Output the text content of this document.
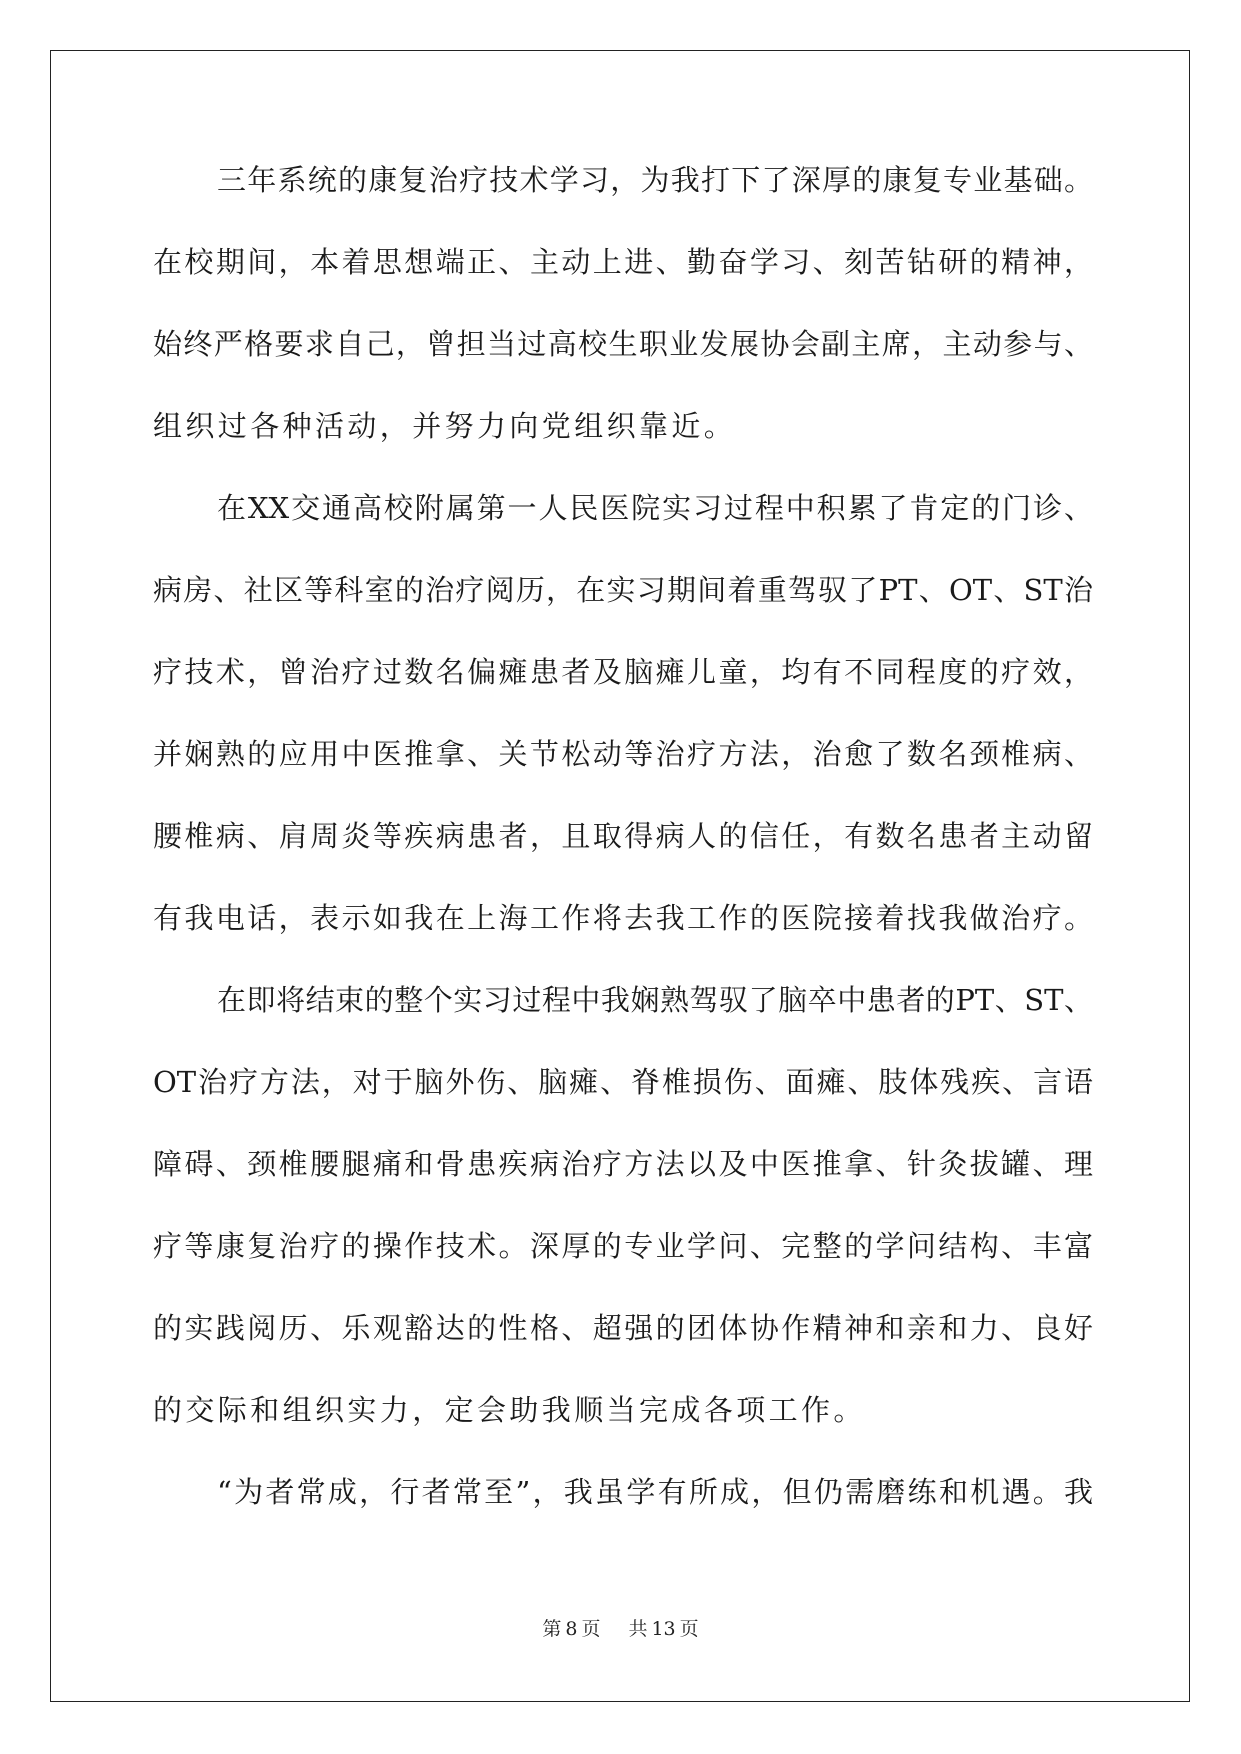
三年系统的康复治疗技术学习，为我打下了深厚的康复专业基础。
在校期间，本着思想端正、主动上进、勤奋学习、刻苦钻研的精神，
始终严格要求自己，曾担当过高校生职业发展协会副主席，主动参与、
组织过各种活动，并努力向党组织靠近。
在XX交通高校附属第一人民医院实习过程中积累了肯定的门诊、
病房、社区等科室的治疗阅历，在实习期间着重驾驭了PT、OT、ST治
疗技术，曾治疗过数名偏瘫患者及脑瘫儿童，均有不同程度的疗效，
并娴熟的应用中医推拿、关节松动等治疗方法，治愈了数名颈椎病、
腰椎病、肩周炎等疾病患者，且取得病人的信任，有数名患者主动留
有我电话，表示如我在上海工作将去我工作的医院接着找我做治疗。
在即将结束的整个实习过程中我娴熟驾驭了脑卒中患者的PT、ST、
OT治疗方法，对于脑外伤、脑瘫、脊椎损伤、面瘫、肢体残疾、言语
障碍、颈椎腰腿痛和骨患疾病治疗方法以及中医推拿、针灸拔罐、理
疗等康复治疗的操作技术。深厚的专业学问、完整的学问结构、丰富
的实践阅历、乐观豁达的性格、超强的团体协作精神和亲和力、良好
的交际和组织实力，定会助我顺当完成各项工作。
“为者常成，行者常至”，我虽学有所成，但仍需磨练和机遇。我
第 8 页 共 13 页
